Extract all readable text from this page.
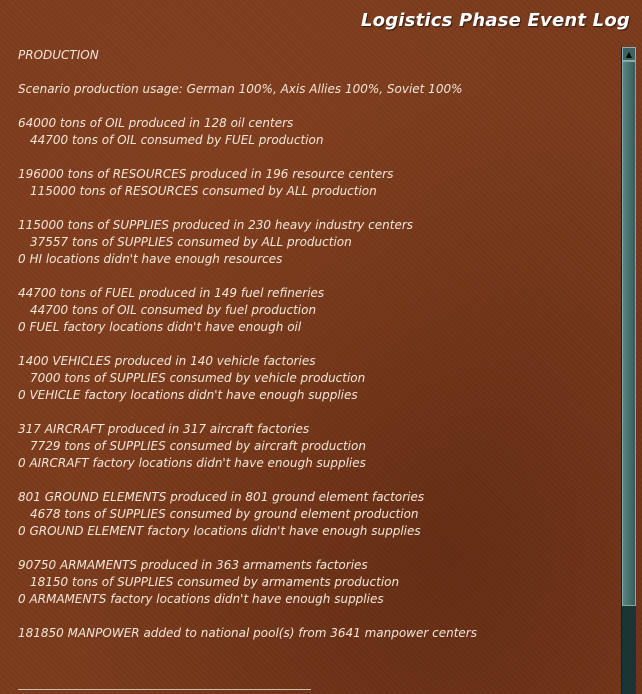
Logistics Phase Event Log
PRODUCTION
Scenario production usage: German 100%, Axis Allies 100%, Soviet 100%
64000 tons of OIL produced in 128 oil centers
44700 tons of OIL consumed by FUEL production
196000 tons of RESOURCES produced in 196 resource centers
115000 tons of RESOURCES consumed by ALL production
115000 tons of SUPPLIES produced in 230 heavy industry centers
37557 tons of SUPPLIES consumed by ALL production
0 HI locations didn't have enough resources
44700 tons of FUEL produced in 149 fuel refineries
44700 tons of OIL consumed by fuel production
0 FUEL factory locations didn't have enough oil
1400 VEHICLES produced in 140 vehicle factories
7000 tons of SUPPLIES consumed by vehicle production
0 VEHICLE factory locations didn't have enough supplies
317 AIRCRAFT produced in 317 aircraft factories
7729 tons of SUPPLIES consumed by aircraft production
0 AIRCRAFT factory locations didn't have enough supplies
801 GROUND ELEMENTS produced in 801 ground element factories
4678 tons of SUPPLIES consumed by ground element production
0 GROUND ELEMENT factory locations didn't have enough supplies
90750 ARMAMENTS produced in 363 armaments factories
18150 tons of SUPPLIES consumed by armaments production
0 ARMAMENTS factory locations didn't have enough supplies
181850 MANPOWER added to national pool(s) from 3641 manpower centers
▲
